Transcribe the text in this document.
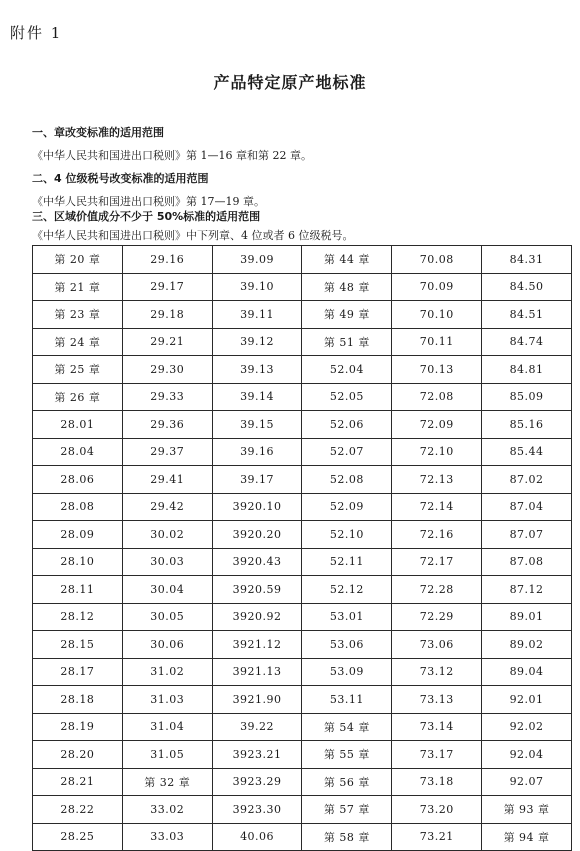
附件 1
产品特定原产地标准
一、章改变标准的适用范围
《中华人民共和国进出口税则》第 1—16 章和第 22 章。
二、4 位级税号改变标准的适用范围
《中华人民共和国进出口税则》第 17—19 章。
三、区域价值成分不少于 50%标准的适用范围
《中华人民共和国进出口税则》中下列章、4 位或者 6 位级税号。
第 20 章	29.16	39.09	第 44 章	70.08	84.31
第 21 章	29.17	39.10	第 48 章	70.09	84.50
第 23 章	29.18	39.11	第 49 章	70.10	84.51
第 24 章	29.21	39.12	第 51 章	70.11	84.74
第 25 章	29.30	39.13	52.04	70.13	84.81
第 26 章	29.33	39.14	52.05	72.08	85.09
28.01	29.36	39.15	52.06	72.09	85.16
28.04	29.37	39.16	52.07	72.10	85.44
28.06	29.41	39.17	52.08	72.13	87.02
28.08	29.42	3920.10	52.09	72.14	87.04
28.09	30.02	3920.20	52.10	72.16	87.07
28.10	30.03	3920.43	52.11	72.17	87.08
28.11	30.04	3920.59	52.12	72.28	87.12
28.12	30.05	3920.92	53.01	72.29	89.01
28.15	30.06	3921.12	53.06	73.06	89.02
28.17	31.02	3921.13	53.09	73.12	89.04
28.18	31.03	3921.90	53.11	73.13	92.01
28.19	31.04	39.22	第 54 章	73.14	92.02
28.20	31.05	3923.21	第 55 章	73.17	92.04
28.21	第 32 章	3923.29	第 56 章	73.18	92.07
28.22	33.02	3923.30	第 57 章	73.20	第 93 章
28.25	33.03	40.06	第 58 章	73.21	第 94 章
